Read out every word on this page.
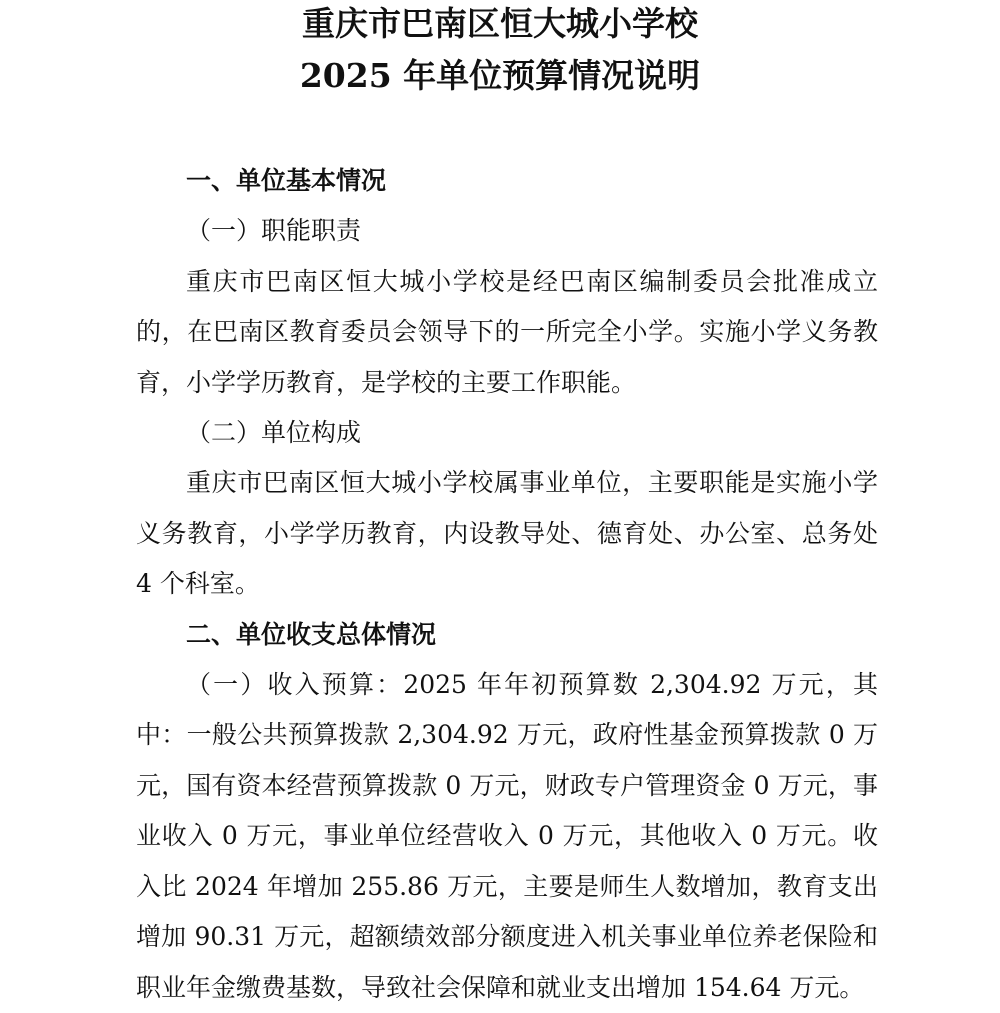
重庆市巴南区恒大城小学校
2025 年单位预算情况说明

一、单位基本情况

（一）职能职责

重庆市巴南区恒大城小学校是经巴南区编制委员会批准成立的，在巴南区教育委员会领导下的一所完全小学。实施小学义务教育，小学学历教育，是学校的主要工作职能。

（二）单位构成

重庆市巴南区恒大城小学校属事业单位，主要职能是实施小学义务教育，小学学历教育，内设教导处、德育处、办公室、总务处 4 个科室。

二、单位收支总体情况

（一）收入预算：2025 年年初预算数 2,304.92 万元，其中：一般公共预算拨款 2,304.92 万元，政府性基金预算拨款 0 万元，国有资本经营预算拨款 0 万元，财政专户管理资金 0 万元，事业收入 0 万元，事业单位经营收入 0 万元，其他收入 0 万元。收入比 2024 年增加 255.86 万元，主要是师生人数增加，教育支出增加 90.31 万元，超额绩效部分额度进入机关事业单位养老保险和职业年金缴费基数，导致社会保障和就业支出增加 154.64 万元。
